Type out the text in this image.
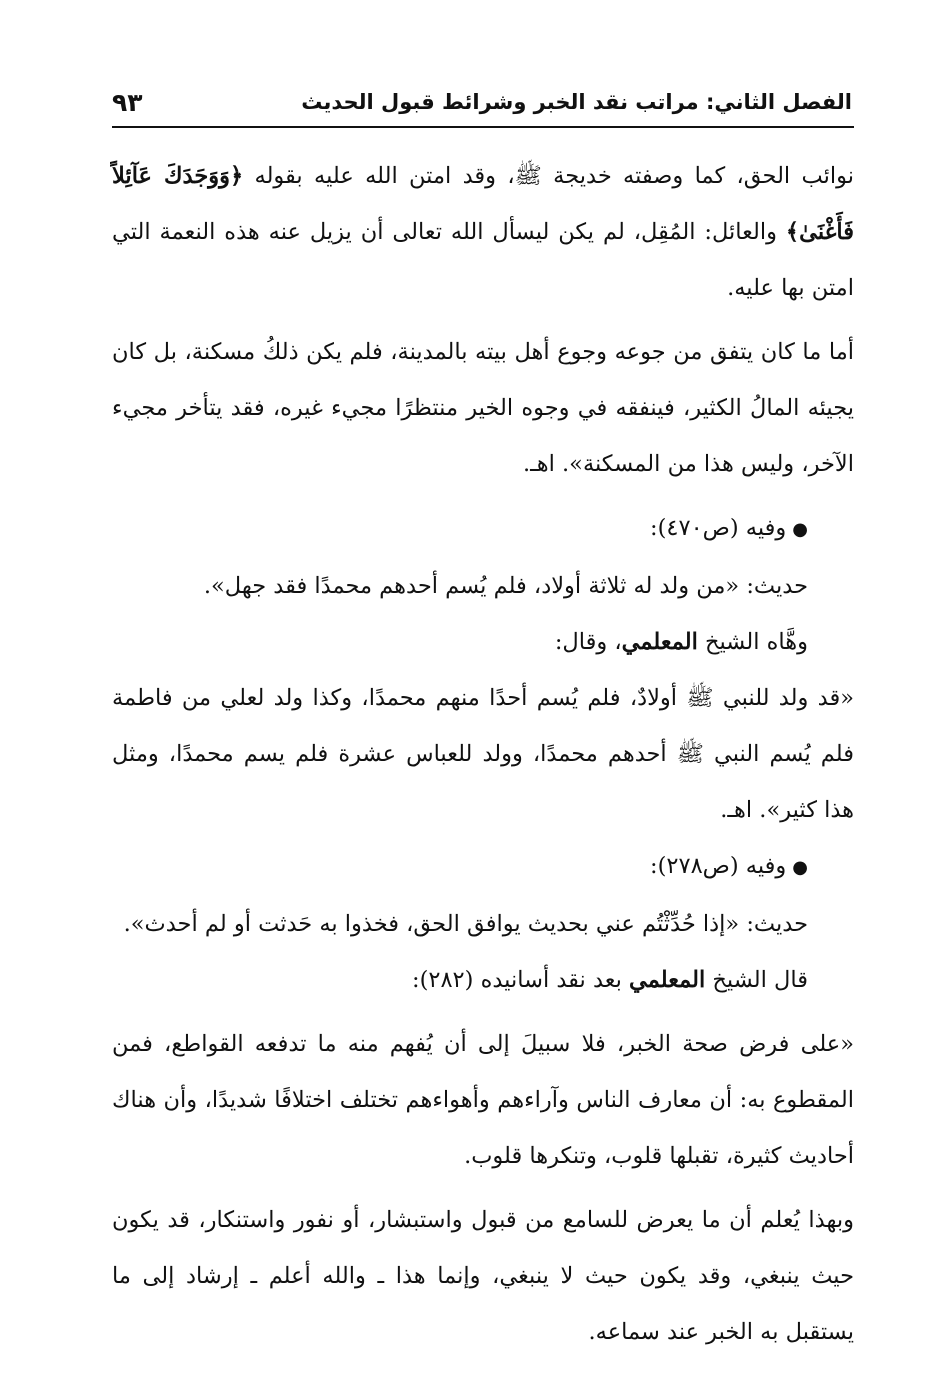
الفصل الثاني: مراتب نقد الخبر وشرائط قبول الحديث
٩٣

نوائب الحق، كما وصفته خديجة ﷺ، وقد امتن الله عليه بقوله ﴿وَوَجَدَكَ عَآئِلاً فَأَغْنَىٰ﴾ والعائل: المُقِل، لم يكن ليسأل الله تعالى أن يزيل عنه هذه النعمة التي امتن بها عليه.

أما ما كان يتفق من جوعه وجوع أهل بيته بالمدينة، فلم يكن ذلكُ مسكنة، بل كان يجيئه المالُ الكثير، فينفقه في وجوه الخير منتظرًا مجيء غيره، فقد يتأخر مجيء الآخر، وليس هذا من المسكنة». اهـ.

●وفيه (ص٤٧٠):

حديث: «من ولد له ثلاثة أولاد، فلم يُسم أحدهم محمدًا فقد جهل».

وهَّاه الشيخ المعلمي، وقال:

«قد ولد للنبي ﷺ أولادٌ، فلم يُسم أحدًا منهم محمدًا، وكذا ولد لعلي من فاطمة فلم يُسم النبي ﷺ أحدهم محمدًا، وولد للعباس عشرة فلم يسم محمدًا، ومثل هذا كثير». اهـ.

●وفيه (ص٢٧٨):

حديث: «إذا حُدِّثْتُم عني بحديث يوافق الحق، فخذوا به حَدثت أو لم أحدث».

قال الشيخ المعلمي بعد نقد أسانيده (٢٨٢):

«على فرض صحة الخبر، فلا سبيلَ إلى أن يُفهم منه ما تدفعه القواطع، فمن المقطوع به: أن معارف الناس وآراءهم وأهواءهم تختلف اختلافًا شديدًا، وأن هناك أحاديث كثيرة، تقبلها قلوب، وتنكرها قلوب.

وبهذا يُعلم أن ما يعرض للسامع من قبول واستبشار، أو نفور واستنكار، قد يكون حيث ينبغي، وقد يكون حيث لا ينبغي، وإنما هذا ـ والله أعلم ـ إرشاد إلى ما يستقبل به الخبر عند سماعه.
